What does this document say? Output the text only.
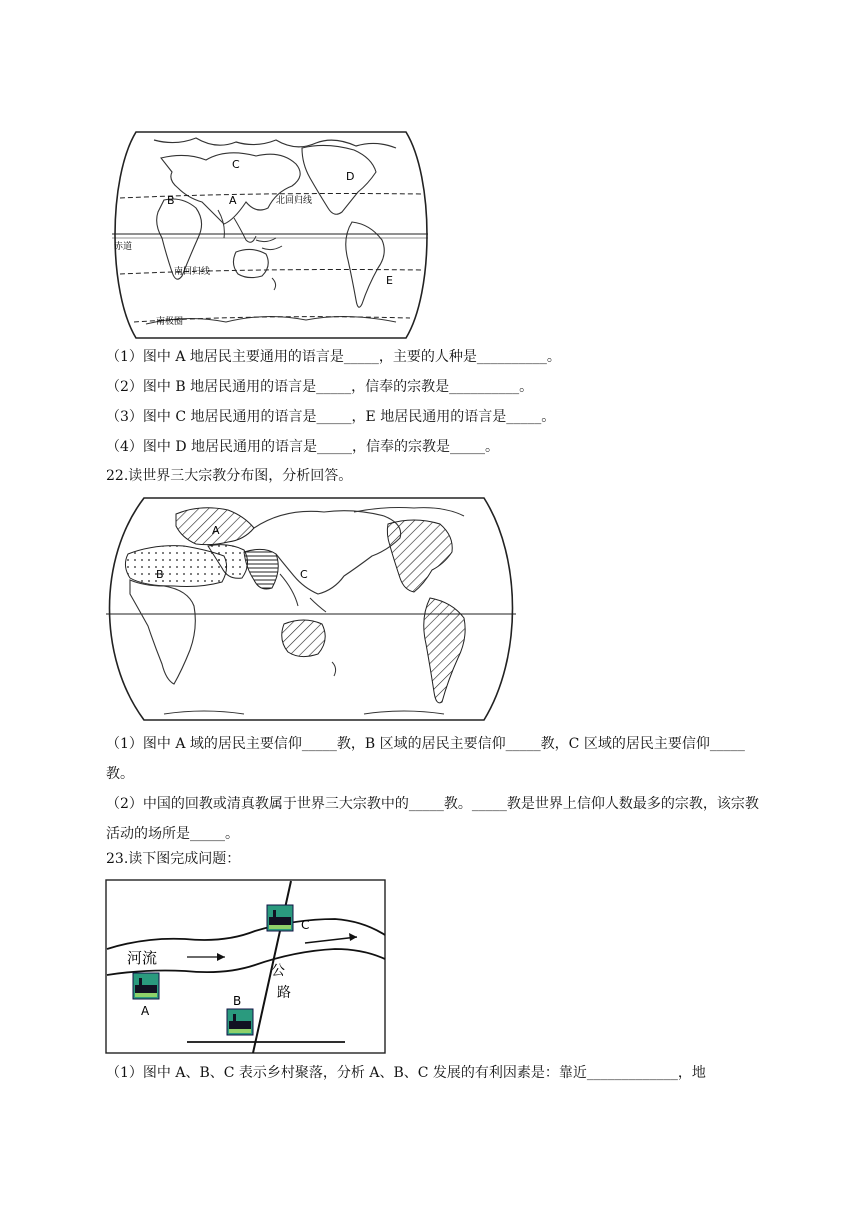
C
D
B	A
E
北回归线
赤道
南回归线
南极圈
（1）图中 A 地居民主要通用的语言是_____，主要的人种是__________。
（2）图中 B 地居民通用的语言是_____，信奉的宗教是__________。
（3）图中 C 地居民通用的语言是_____，E 地居民通用的语言是_____。
（4）图中 D 地居民通用的语言是_____，信奉的宗教是_____。
22.读世界三大宗教分布图，分析回答。
A
B	C
（1）图中 A 域的居民主要信仰_____教，B 区域的居民主要信仰_____教，C 区域的居民主要信仰_____教。
（2）中国的回教或清真教属于世界三大宗教中的_____教。_____教是世界上信仰人数最多的宗教，该宗教活动的场所是_____。
23.读下图完成问题：
C
A
B
河流
公
路
（1）图中 A、B、C 表示乡村聚落，分析 A、B、C 发展的有利因素是：靠近_____________，地
